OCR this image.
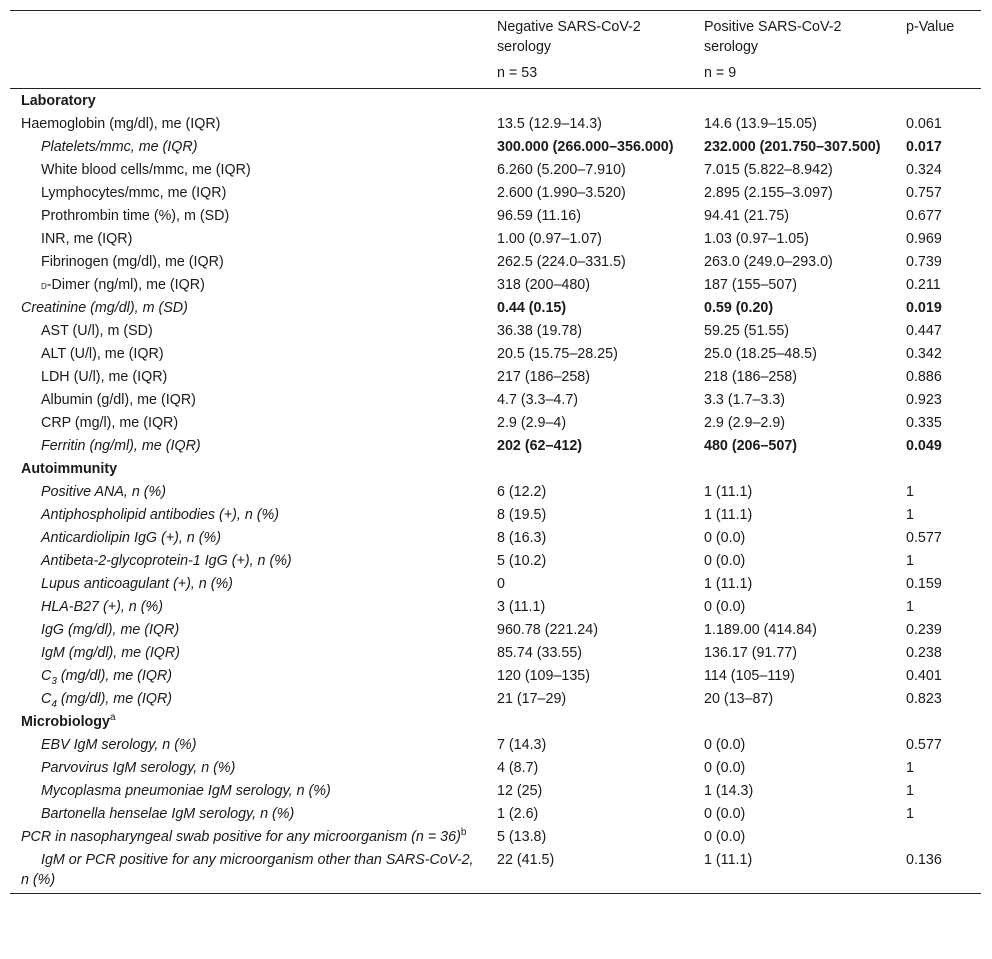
	Negative SARS-CoV-2 serology	Positive SARS-CoV-2 serology	p-Value
	n = 53	n = 9	
Laboratory			
Haemoglobin (mg/dl), me (IQR)	13.5 (12.9–14.3)	14.6 (13.9–15.05)	0.061
Platelets/mmc, me (IQR)	300.000 (266.000–356.000)	232.000 (201.750–307.500)	0.017
White blood cells/mmc, me (IQR)	6.260 (5.200–7.910)	7.015 (5.822–8.942)	0.324
Lymphocytes/mmc, me (IQR)	2.600 (1.990–3.520)	2.895 (2.155–3.097)	0.757
Prothrombin time (%), m (SD)	96.59 (11.16)	94.41 (21.75)	0.677
INR, me (IQR)	1.00 (0.97–1.07)	1.03 (0.97–1.05)	0.969
Fibrinogen (mg/dl), me (IQR)	262.5 (224.0–331.5)	263.0 (249.0–293.0)	0.739
d-Dimer (ng/ml), me (IQR)	318 (200–480)	187 (155–507)	0.211
Creatinine (mg/dl), m (SD)	0.44 (0.15)	0.59 (0.20)	0.019
AST (U/l), m (SD)	36.38 (19.78)	59.25 (51.55)	0.447
ALT (U/l), me (IQR)	20.5 (15.75–28.25)	25.0 (18.25–48.5)	0.342
LDH (U/l), me (IQR)	217 (186–258)	218 (186–258)	0.886
Albumin (g/dl), me (IQR)	4.7 (3.3–4.7)	3.3 (1.7–3.3)	0.923
CRP (mg/l), me (IQR)	2.9 (2.9–4)	2.9 (2.9–2.9)	0.335
Ferritin (ng/ml), me (IQR)	202 (62–412)	480 (206–507)	0.049
Autoimmunity			
Positive ANA, n (%)	6 (12.2)	1 (11.1)	1
Antiphospholipid antibodies (+), n (%)	8 (19.5)	1 (11.1)	1
Anticardiolipin IgG (+), n (%)	8 (16.3)	0 (0.0)	0.577
Antibeta-2-glycoprotein-1 IgG (+), n (%)	5 (10.2)	0 (0.0)	1
Lupus anticoagulant (+), n (%)	0	1 (11.1)	0.159
HLA-B27 (+), n (%)	3 (11.1)	0 (0.0)	1
IgG (mg/dl), me (IQR)	960.78 (221.24)	1.189.00 (414.84)	0.239
IgM (mg/dl), me (IQR)	85.74 (33.55)	136.17 (91.77)	0.238
$C_3$ (mg/dl), me (IQR)	120 (109–135)	114 (105–119)	0.401
$C_4$ (mg/dl), me (IQR)	21 (17–29)	20 (13–87)	0.823
Microbiology$^a$
EBV IgM serology, n (%)	7 (14.3)	0 (0.0)	0.577
Parvovirus IgM serology, n (%)	4 (8.7)	0 (0.0)	1
Mycoplasma pneumoniae IgM serology, n (%)	12 (25)	1 (14.3)	1
Bartonella henselae IgM serology, n (%)	1 (2.6)	0 (0.0)	1
PCR in nasopharyngeal swab positive for any microorganism (n = 36)$^b$	5 (13.8)	0 (0.0)	
IgM or PCR positive for any microorganism other than SARS-CoV-2, n (%)	22 (41.5)	1 (11.1)	0.136
